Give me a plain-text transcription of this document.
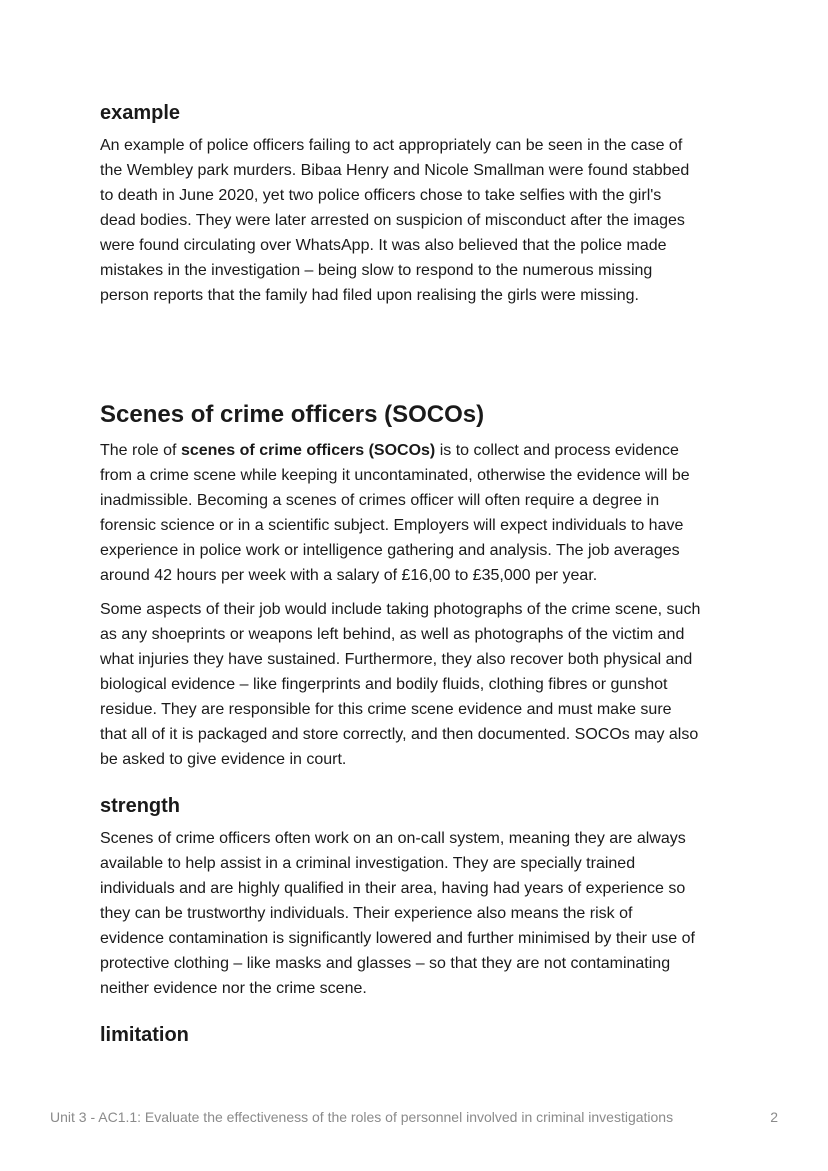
example
An example of police officers failing to act appropriately can be seen in the case of
the Wembley park murders. Bibaa Henry and Nicole Smallman were found stabbed
to death in June 2020, yet two police officers chose to take selfies with the girl's
dead bodies. They were later arrested on suspicion of misconduct after the images
were found circulating over WhatsApp. It was also believed that the police made
mistakes in the investigation – being slow to respond to the numerous missing
person reports that the family had filed upon realising the girls were missing.
Scenes of crime officers (SOCOs)
The role of scenes of crime officers (SOCOs) is to collect and process evidence
from a crime scene while keeping it uncontaminated, otherwise the evidence will be
inadmissible. Becoming a scenes of crimes officer will often require a degree in
forensic science or in a scientific subject. Employers will expect individuals to have
experience in police work or intelligence gathering and analysis. The job averages
around 42 hours per week with a salary of £16,00 to £35,000 per year.
Some aspects of their job would include taking photographs of the crime scene, such
as any shoeprints or weapons left behind, as well as photographs of the victim and
what injuries they have sustained. Furthermore, they also recover both physical and
biological evidence – like fingerprints and bodily fluids, clothing fibres or gunshot
residue. They are responsible for this crime scene evidence and must make sure
that all of it is packaged and store correctly, and then documented. SOCOs may also
be asked to give evidence in court.
strength
Scenes of crime officers often work on an on-call system, meaning they are always
available to help assist in a criminal investigation. They are specially trained
individuals and are highly qualified in their area, having had years of experience so
they can be trustworthy individuals. Their experience also means the risk of
evidence contamination is significantly lowered and further minimised by their use of
protective clothing – like masks and glasses – so that they are not contaminating
neither evidence nor the crime scene.
limitation
Unit 3 - AC1.1: Evaluate the effectiveness of the roles of personnel involved in criminal investigations	2
